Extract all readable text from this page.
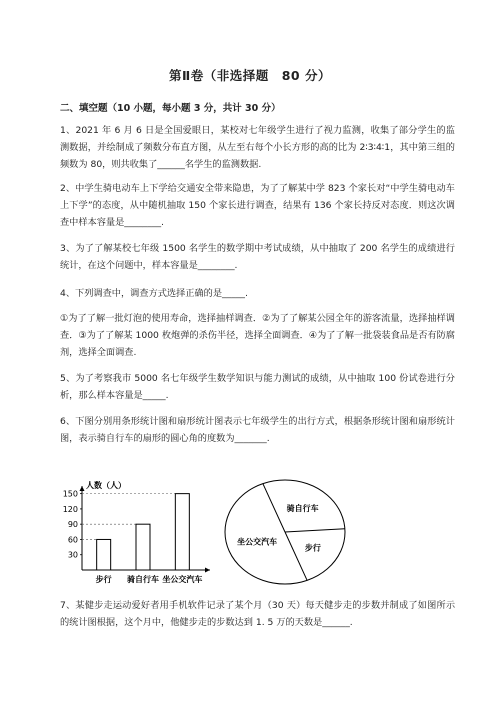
第Ⅱ卷（非选择题　80 分）
二、填空题（10 小题，每小题 3 分，共计 30 分）

1、2021 年 6 月 6 日是全国爱眼日，某校对七年级学生进行了视力监测，收集了部分学生的监测数据，并绘制成了频数分布直方图，从左至右每个小长方形的高的比为 2∶3∶4∶1，其中第三组的频数为 80，则共收集了______名学生的监测数据.

2、中学生骑电动车上下学给交通安全带来隐患，为了了解某中学 823 个家长对“中学生骑电动车上下学”的态度，从中随机抽取 150 个家长进行调查，结果有 136 个家长持反对态度．则这次调查中样本容量是________.

3、为了了解某校七年级 1500 名学生的数学期中考试成绩，从中抽取了 200 名学生的成绩进行统计，在这个问题中，样本容量是________.

4、下列调查中，调查方式选择正确的是_____.

①为了了解一批灯泡的使用寿命，选择抽样调查．②为了了解某公园全年的游客流量，选择抽样调查．③为了了解某 1000 枚炮弹的杀伤半径，选择全面调查．④为了了解一批袋装食品是否有防腐剂，选择全面调查.

5、为了考察我市 5000 名七年级学生数学知识与能力测试的成绩，从中抽取 100 份试卷进行分析，那么样本容量是_____.

6、下图分别用条形统计图和扇形统计图表示七年级学生的出行方式，根据条形统计图和扇形统计图，表示骑自行车的扇形的圆心角的度数为_______.

人数（人）
30
60
90
120
150
步行 骑自行车 坐公交汽车
骑自行车
步行
坐公交汽车

7、某健步走运动爱好者用手机软件记录了某个月（30 天）每天健步走的步数并制成了如图所示的统计图根据，这个月中，他健步走的步数达到 1. 5 万的天数是______.
